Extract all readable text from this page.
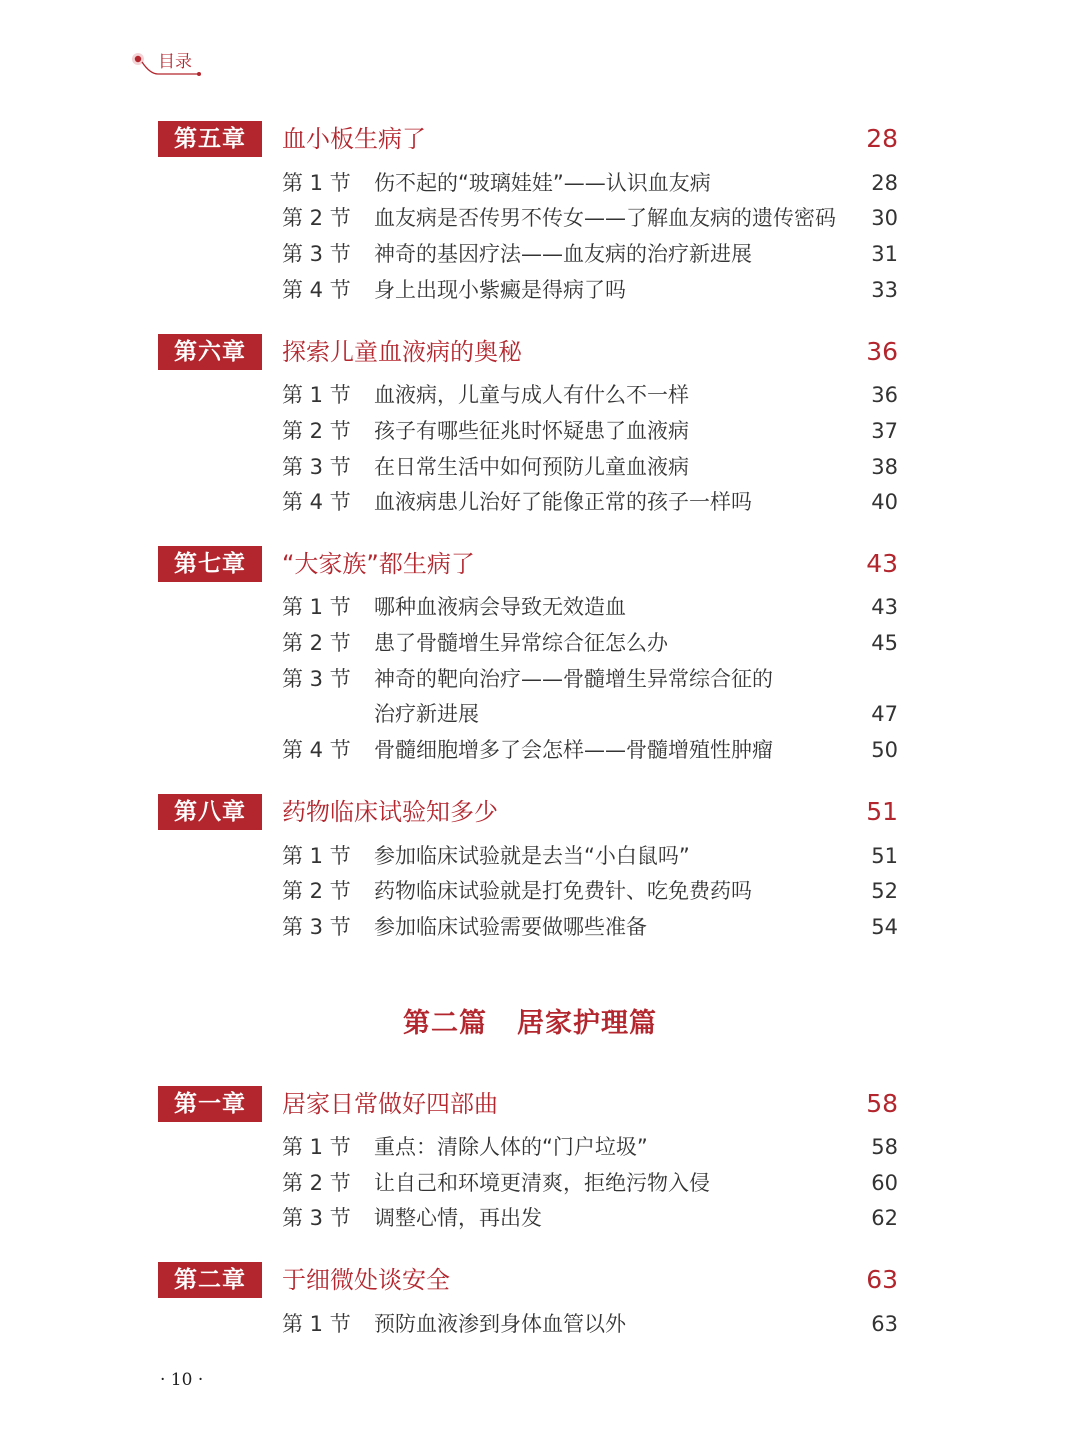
目录
第五章	血小板生病了	28
第 1 节 伤不起的“玻璃娃娃”——认识血友病	28
第 2 节 血友病是否传男不传女——了解血友病的遗传密码 30
第 3 节 神奇的基因疗法——血友病的治疗新进展	31
第 4 节 身上出现小紫癜是得病了吗	33
第六章	探索儿童血液病的奥秘	36
第 1 节 血液病，儿童与成人有什么不一样	36
第 2 节 孩子有哪些征兆时怀疑患了血液病	37
第 3 节 在日常生活中如何预防儿童血液病	38
第 4 节 血液病患儿治好了能像正常的孩子一样吗	40
第七章	“大家族”都生病了	43
第 1 节 哪种血液病会导致无效造血	43
第 2 节 患了骨髓增生异常综合征怎么办	45
第 3 节 神奇的靶向治疗——骨髓增生异常综合征的
治疗新进展	47
第 4 节 骨髓细胞增多了会怎样——骨髓增殖性肿瘤	50
第八章	药物临床试验知多少	51
第 1 节 参加临床试验就是去当“小白鼠吗”	51
第 2 节 药物临床试验就是打免费针、吃免费药吗	52
第 3 节 参加临床试验需要做哪些准备	54
第二篇 居家护理篇
第一章	居家日常做好四部曲	58
第 1 节 重点：清除人体的“门户垃圾”	58
第 2 节 让自己和环境更清爽，拒绝污物入侵	60
第 3 节 调整心情，再出发	62
第二章	于细微处谈安全	63
第 1 节 预防血液渗到身体血管以外	63
· 10 ·
